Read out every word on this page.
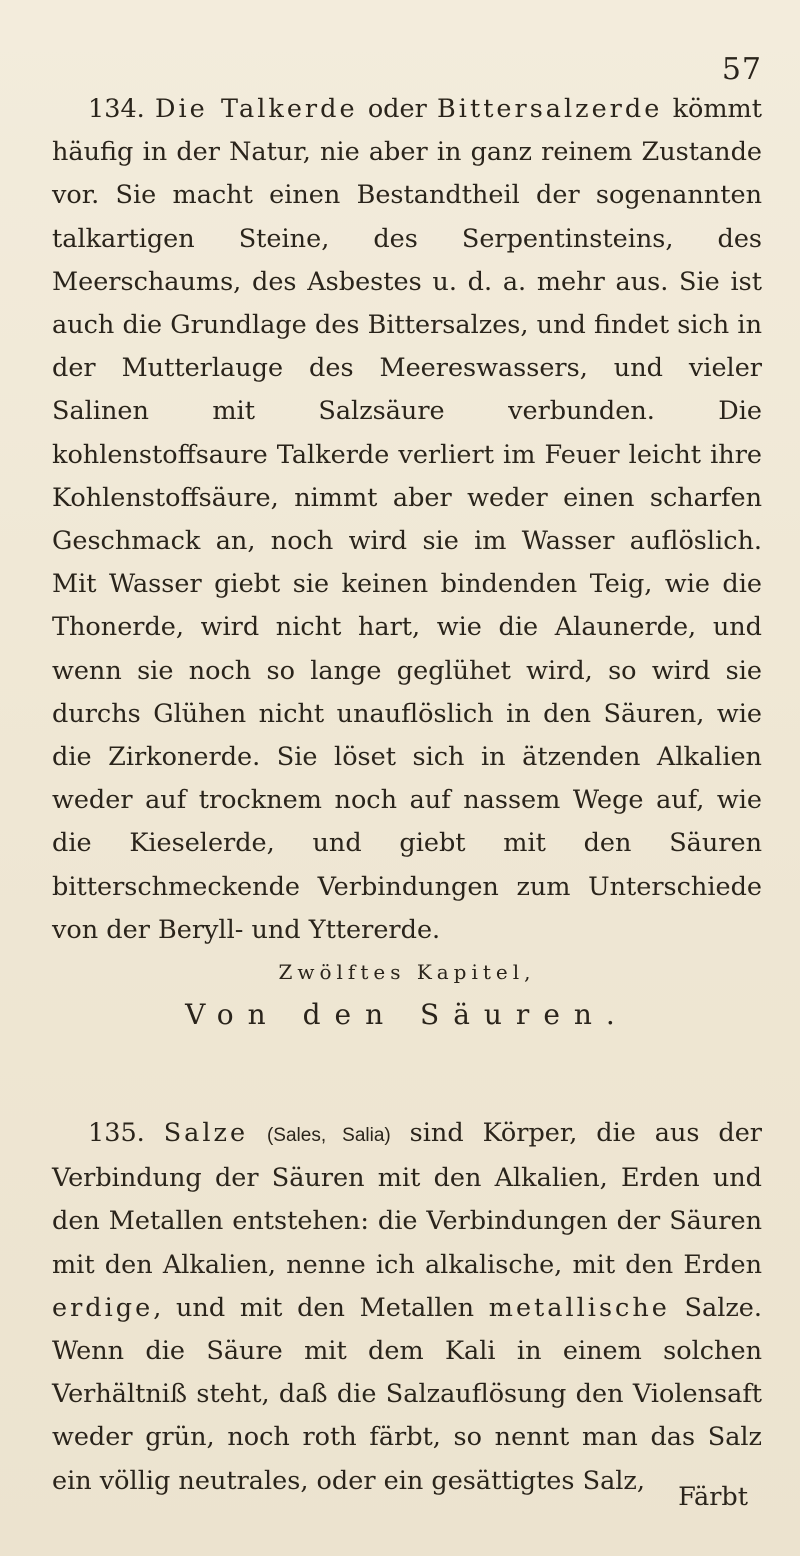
57

134. Die Talkerde oder Bittersalzerde kömmt häufig in der Natur, nie aber in ganz reinem Zustande vor. Sie macht einen Bestandtheil der sogenannten talkartigen Steine, des Serpentinsteins, des Meerschaums, des Asbestes u. d. a. mehr aus. Sie ist auch die Grundlage des Bittersalzes, und findet sich in der Mutterlauge des Meereswassers, und vieler Salinen mit Salzsäure verbunden. Die kohlenstoffsaure Talkerde verliert im Feuer leicht ihre Kohlenstoffsäure, nimmt aber weder einen scharfen Geschmack an, noch wird sie im Wasser auflöslich. Mit Wasser giebt sie keinen bindenden Teig, wie die Thonerde, wird nicht hart, wie die Alaunerde, und wenn sie noch so lange geglühet wird, so wird sie durchs Glühen nicht unauflöslich in den Säuren, wie die Zirkonerde. Sie löset sich in ätzenden Alkalien weder auf trocknem noch auf nassem Wege auf, wie die Kieselerde, und giebt mit den Säuren bitterschmeckende Verbindungen zum Unterschiede von der Beryll- und Yttererde.

Zwölftes Kapitel,
Von den Säuren.

135. Salze (Sales, Salia) sind Körper, die aus der Verbindung der Säuren mit den Alkalien, Erden und den Metallen entstehen: die Verbindungen der Säuren mit den Alkalien, nenne ich alkalische, mit den Erden erdige, und mit den Metallen metallische Salze. Wenn die Säure mit dem Kali in einem solchen Verhältniß steht, daß die Salzauflösung den Violensaft weder grün, noch roth färbt, so nennt man das Salz ein völlig neutrales, oder ein gesättigtes Salz,

Färbt
